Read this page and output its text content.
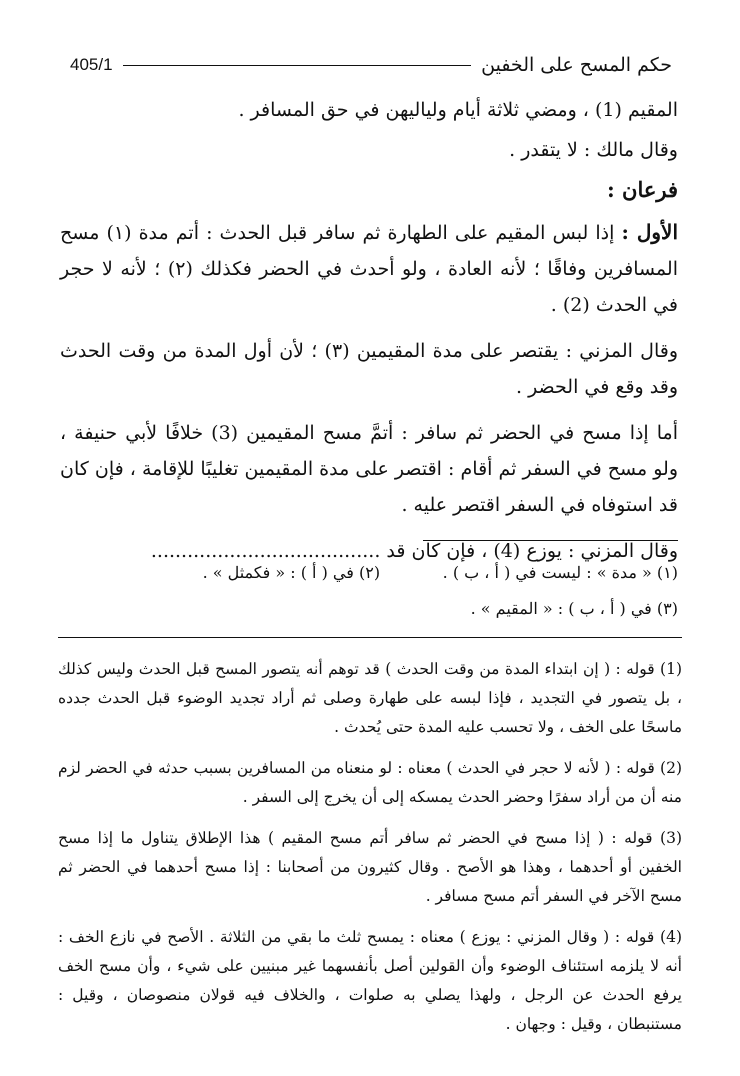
405/1	حكم المسح على الخفين

المقيم (1) ، ومضي ثلاثة أيام ولياليهن في حق المسافر .

وقال مالك : لا يتقدر .

فرعان :

الأول : إذا لبس المقيم على الطهارة ثم سافر قبل الحدث : أتم مدة (١) مسح المسافرين وفاقًا ؛ لأنه العادة ، ولو أحدث في الحضر فكذلك (٢) ؛ لأنه لا حجر في الحدث (2) .

وقال المزني : يقتصر على مدة المقيمين (٣) ؛ لأن أول المدة من وقت الحدث وقد وقع في الحضر .

أما إذا مسح في الحضر ثم سافر : أتمَّ مسح المقيمين (3) خلافًا لأبي حنيفة ، ولو مسح في السفر ثم أقام : اقتصر على مدة المقيمين تغليبًا للإقامة ، فإن كان قد استوفاه في السفر اقتصر عليه .

وقال المزني : يوزع (4) ، فإن كان قد ......................................

(١) « مدة » : ليست في ( أ ، ب ) .
(٢) في ( أ ) : « فكمثل » .
(٣) في ( أ ، ب ) : « المقيم » .

(1) قوله : ( إن ابتداء المدة من وقت الحدث ) قد توهم أنه يتصور المسح قبل الحدث وليس كذلك ، بل يتصور في التجديد ، فإذا لبسه على طهارة وصلى ثم أراد تجديد الوضوء قبل الحدث جدده ماسحًا على الخف ، ولا تحسب عليه المدة حتى يُحدث .

(2) قوله : ( لأنه لا حجر في الحدث ) معناه : لو منعناه من المسافرين بسبب حدثه في الحضر لزم منه أن من أراد سفرًا وحضر الحدث يمسكه إلى أن يخرج إلى السفر .

(3) قوله : ( إذا مسح في الحضر ثم سافر أتم مسح المقيم ) هذا الإطلاق يتناول ما إذا مسح الخفين أو أحدهما ، وهذا هو الأصح . وقال كثيرون من أصحابنا : إذا مسح أحدهما في الحضر ثم مسح الآخر في السفر أتم مسح مسافر .

(4) قوله : ( وقال المزني : يوزع ) معناه : يمسح ثلث ما بقي من الثلاثة . الأصح في نازع الخف : أنه لا يلزمه استئناف الوضوء وأن القولين أصل بأنفسهما غير مبنيين على شيء ، وأن مسح الخف يرفع الحدث عن الرجل ، ولهذا يصلي به صلوات ، والخلاف فيه قولان منصوصان ، وقيل : مستنبطان ، وقيل : وجهان .
